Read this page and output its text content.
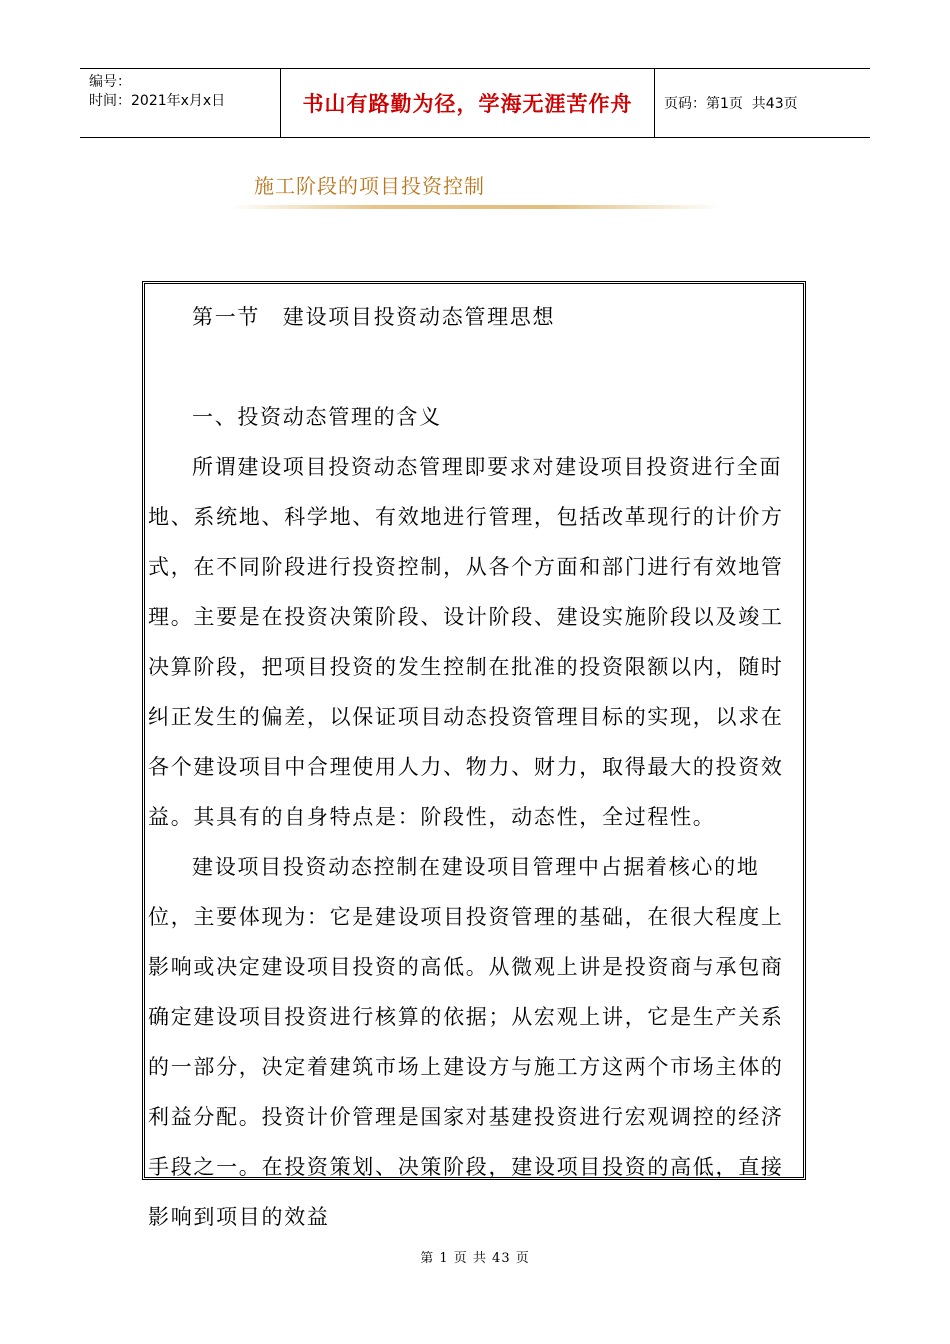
编号：
时间：2021年x月x日	书山有路勤为径，学海无涯苦作舟	页码：第1页  共43页
施工阶段的项目投资控制

第一节　建设项目投资动态管理思想

一、投资动态管理的含义

所谓建设项目投资动态管理即要求对建设项目投资进行全面地、系统地、科学地、有效地进行管理，包括改革现行的计价方式，在不同阶段进行投资控制，从各个方面和部门进行有效地管理。主要是在投资决策阶段、设计阶段、建设实施阶段以及竣工决算阶段，把项目投资的发生控制在批准的投资限额以内，随时纠正发生的偏差，以保证项目动态投资管理目标的实现，以求在各个建设项目中合理使用人力、物力、财力，取得最大的投资效益。其具有的自身特点是：阶段性，动态性，全过程性。

建设项目投资动态控制在建设项目管理中占据着核心的地位，主要体现为：它是建设项目投资管理的基础，在很大程度上影响或决定建设项目投资的高低。从微观上讲是投资商与承包商确定建设项目投资进行核算的依据；从宏观上讲，它是生产关系的一部分，决定着建筑市场上建设方与施工方这两个市场主体的利益分配。投资计价管理是国家对基建投资进行宏观调控的经济手段之一。在投资策划、决策阶段，建设项目投资的高低，直接影响到项目的效益

第 1 页 共 43 页
